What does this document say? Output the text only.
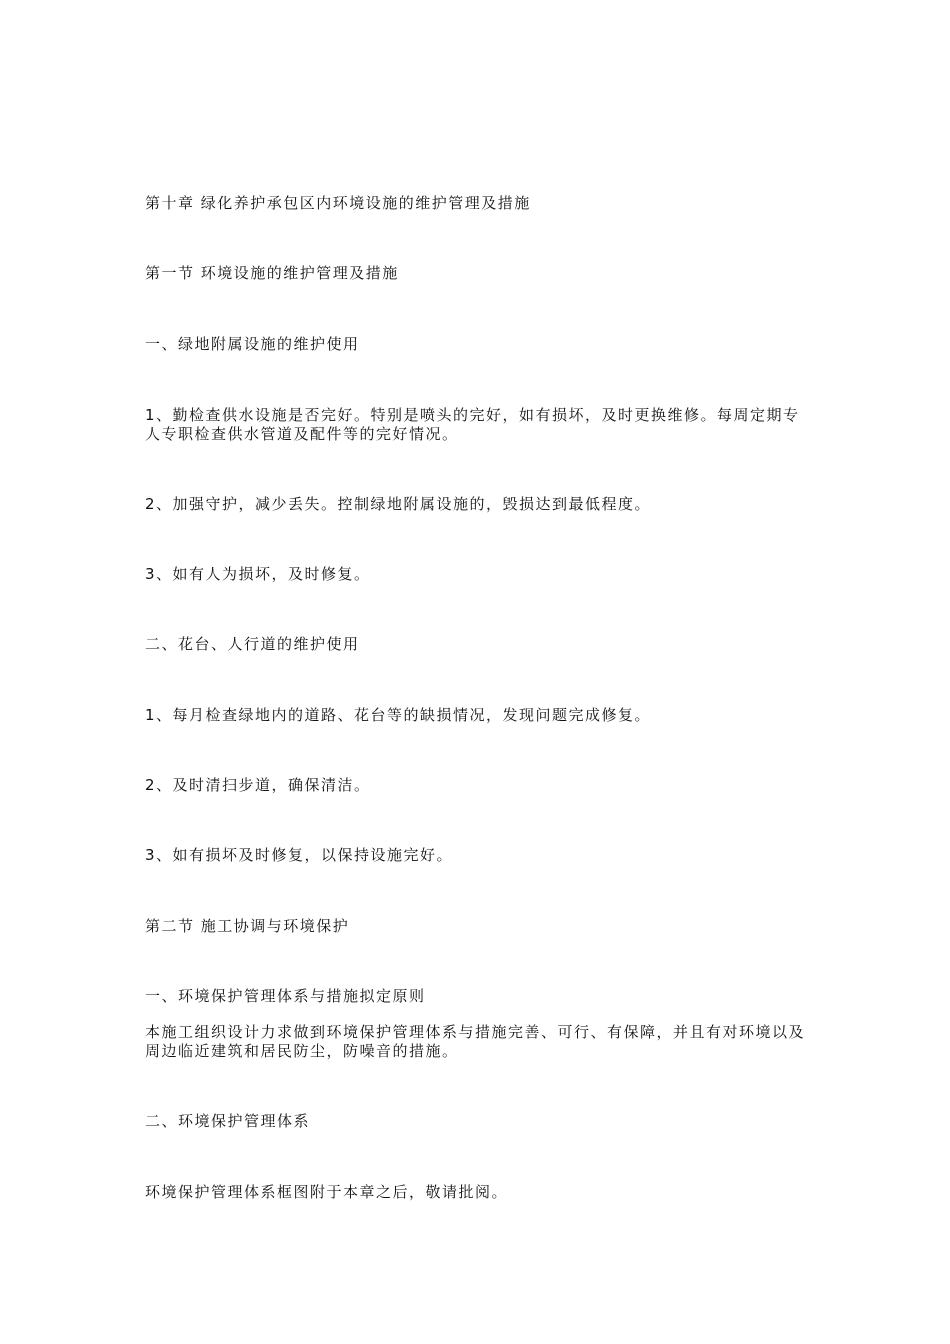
第十章 绿化养护承包区内环境设施的维护管理及措施
第一节 环境设施的维护管理及措施
一、绿地附属设施的维护使用
1、勤检查供水设施是否完好。特别是喷头的完好，如有损坏，及时更换维修。每周定期专人专职检查供水管道及配件等的完好情况。
2、加强守护，减少丢失。控制绿地附属设施的，毁损达到最低程度。
3、如有人为损坏，及时修复。
二、花台、人行道的维护使用
1、每月检查绿地内的道路、花台等的缺损情况，发现问题完成修复。
2、及时清扫步道，确保清洁。
3、如有损坏及时修复，以保持设施完好。
第二节 施工协调与环境保护
一、环境保护管理体系与措施拟定原则
本施工组织设计力求做到环境保护管理体系与措施完善、可行、有保障，并且有对环境以及周边临近建筑和居民防尘，防噪音的措施。
二、环境保护管理体系
环境保护管理体系框图附于本章之后，敬请批阅。
